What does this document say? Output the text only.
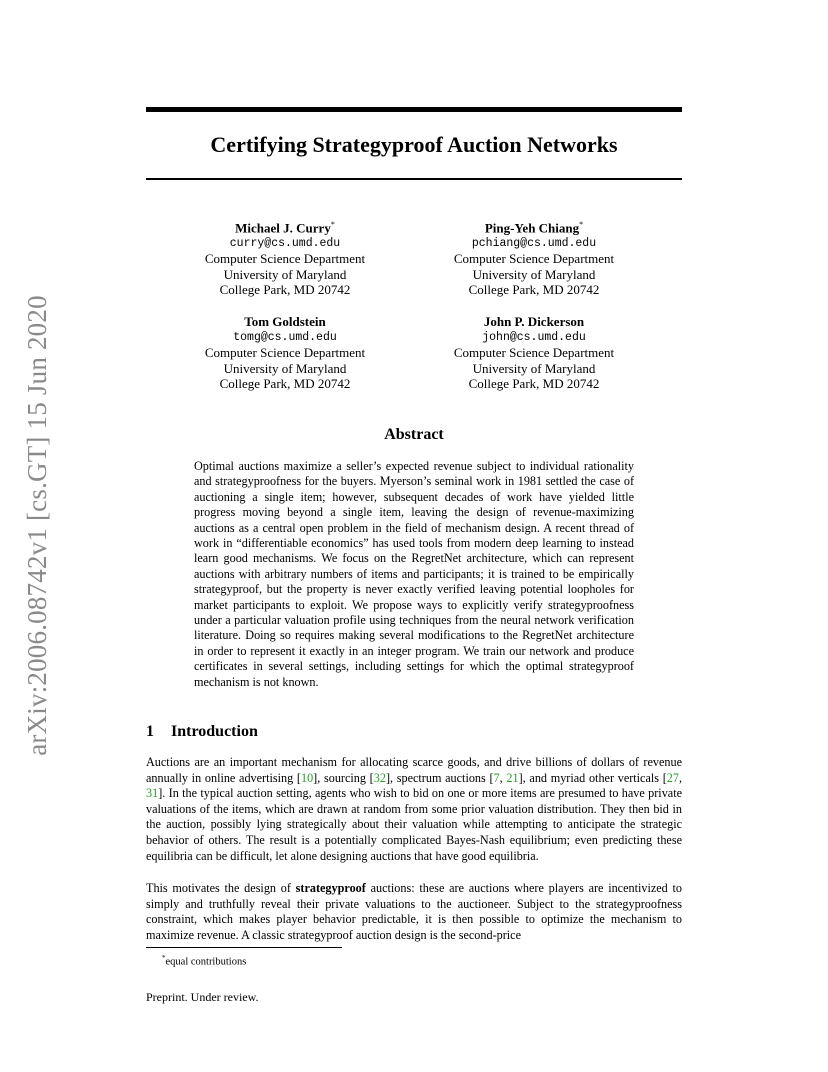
arXiv:2006.08742v1 [cs.GT] 15 Jun 2020
Certifying Strategyproof Auction Networks
Michael J. Curry*
curry@cs.umd.edu
Computer Science Department
University of Maryland
College Park, MD 20742
Ping-Yeh Chiang*
pchiang@cs.umd.edu
Computer Science Department
University of Maryland
College Park, MD 20742
Tom Goldstein
tomg@cs.umd.edu
Computer Science Department
University of Maryland
College Park, MD 20742
John P. Dickerson
john@cs.umd.edu
Computer Science Department
University of Maryland
College Park, MD 20742
Abstract

Optimal auctions maximize a seller’s expected revenue subject to individual rationality and strategyproofness for the buyers. Myerson’s seminal work in 1981 settled the case of auctioning a single item; however, subsequent decades of work have yielded little progress moving beyond a single item, leaving the design of revenue-maximizing auctions as a central open problem in the field of mechanism design. A recent thread of work in “differentiable economics” has used tools from modern deep learning to instead learn good mechanisms. We focus on the RegretNet architecture, which can represent auctions with arbitrary numbers of items and participants; it is trained to be empirically strategyproof, but the property is never exactly verified leaving potential loopholes for market participants to exploit. We propose ways to explicitly verify strategyproofness under a particular valuation profile using techniques from the neural network verification literature. Doing so requires making several modifications to the RegretNet architecture in order to represent it exactly in an integer program. We train our network and produce certificates in several settings, including settings for which the optimal strategyproof mechanism is not known.

1 Introduction

Auctions are an important mechanism for allocating scarce goods, and drive billions of dollars of revenue annually in online advertising [10], sourcing [32], spectrum auctions [7, 21], and myriad other verticals [27, 31]. In the typical auction setting, agents who wish to bid on one or more items are presumed to have private valuations of the items, which are drawn at random from some prior valuation distribution. They then bid in the auction, possibly lying strategically about their valuation while attempting to anticipate the strategic behavior of others. The result is a potentially complicated Bayes-Nash equilibrium; even predicting these equilibria can be difficult, let alone designing auctions that have good equilibria.

This motivates the design of strategyproof auctions: these are auctions where players are incentivized to simply and truthfully reveal their private valuations to the auctioneer. Subject to the strategyproofness constraint, which makes player behavior predictable, it is then possible to optimize the mechanism to maximize revenue. A classic strategyproof auction design is the second-price

*equal contributions
Preprint. Under review.
